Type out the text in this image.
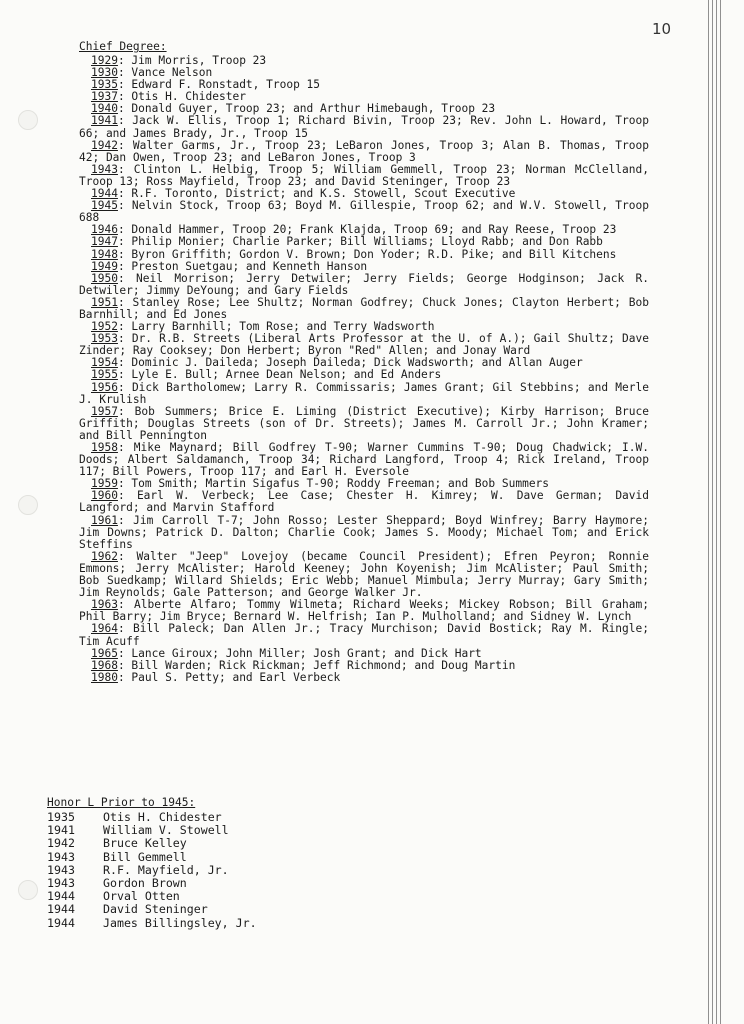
10
Chief Degree:

1929: Jim Morris, Troop 23

1930: Vance Nelson

1935: Edward F. Ronstadt, Troop 15

1937: Otis H. Chidester

1940: Donald Guyer, Troop 23; and Arthur Himebaugh, Troop 23

1941: Jack W. Ellis, Troop 1; Richard Bivin, Troop 23; Rev. John L. Howard, Troop 66; and James Brady, Jr., Troop 15

1942: Walter Garms, Jr., Troop 23; LeBaron Jones, Troop 3; Alan B. Thomas, Troop 42; Dan Owen, Troop 23; and LeBaron Jones, Troop 3

1943: Clinton L. Helbig, Troop 5; William Gemmell, Troop 23; Norman McClelland, Troop 13; Ross Mayfield, Troop 23; and David Steninger, Troop 23

1944: R.F. Toronto, District; and K.S. Stowell, Scout Executive

1945: Nelvin Stock, Troop 63; Boyd M. Gillespie, Troop 62; and W.V. Stowell, Troop 688

1946: Donald Hammer, Troop 20; Frank Klajda, Troop 69; and Ray Reese, Troop 23

1947: Philip Monier; Charlie Parker; Bill Williams; Lloyd Rabb; and Don Rabb

1948: Byron Griffith; Gordon V. Brown; Don Yoder; R.D. Pike; and Bill Kitchens

1949: Preston Suetgau; and Kenneth Hanson

1950: Neil Morrison; Jerry Detwiler; Jerry Fields; George Hodginson; Jack R. Detwiler; Jimmy DeYoung; and Gary Fields

1951: Stanley Rose; Lee Shultz; Norman Godfrey; Chuck Jones; Clayton Herbert; Bob Barnhill; and Ed Jones

1952: Larry Barnhill; Tom Rose; and Terry Wadsworth

1953: Dr. R.B. Streets (Liberal Arts Professor at the U. of A.); Gail Shultz; Dave Zinder; Ray Cooksey; Don Herbert; Byron "Red" Allen; and Jonay Ward

1954: Dominic J. Daileda; Joseph Daileda; Dick Wadsworth; and Allan Auger

1955: Lyle E. Bull; Arnee Dean Nelson; and Ed Anders

1956: Dick Bartholomew; Larry R. Commissaris; James Grant; Gil Stebbins; and Merle J. Krulish

1957: Bob Summers; Brice E. Liming (District Executive); Kirby Harrison; Bruce Griffith; Douglas Streets (son of Dr. Streets); James M. Carroll Jr.; John Kramer; and Bill Pennington

1958: Mike Maynard; Bill Godfrey T-90; Warner Cummins T-90; Doug Chadwick; I.W. Doods; Albert Saldamanch, Troop 34; Richard Langford, Troop 4; Rick Ireland, Troop 117; Bill Powers, Troop 117; and Earl H. Eversole

1959: Tom Smith; Martin Sigafus T-90; Roddy Freeman; and Bob Summers

1960: Earl W. Verbeck; Lee Case; Chester H. Kimrey; W. Dave German; David Langford; and Marvin Stafford

1961: Jim Carroll T-7; John Rosso; Lester Sheppard; Boyd Winfrey; Barry Haymore; Jim Downs; Patrick D. Dalton; Charlie Cook; James S. Moody; Michael Tom; and Erick Steffins

1962: Walter "Jeep" Lovejoy (became Council President); Efren Peyron; Ronnie Emmons; Jerry McAlister; Harold Keeney; John Koyenish; Jim McAlister; Paul Smith; Bob Suedkamp; Willard Shields; Eric Webb; Manuel Mimbula; Jerry Murray; Gary Smith; Jim Reynolds; Gale Patterson; and George Walker Jr.

1963: Alberte Alfaro; Tommy Wilmeta; Richard Weeks; Mickey Robson; Bill Graham; Phil Barry; Jim Bryce; Bernard W. Helfrish; Ian P. Mulholland; and Sidney W. Lynch

1964: Bill Paleck; Dan Allen Jr.; Tracy Murchison; David Bostick; Ray M. Ringle; Tim Acuff

1965: Lance Giroux; John Miller; Josh Grant; and Dick Hart

1968: Bill Warden; Rick Rickman; Jeff Richmond; and Doug Martin

1980: Paul S. Petty; and Earl Verbeck

Honor L Prior to 1945:
1935	Otis H. Chidester
1941	William V. Stowell
1942	Bruce Kelley
1943	Bill Gemmell
1943	R.F. Mayfield, Jr.
1943	Gordon Brown
1944	Orval Otten
1944	David Steninger
1944	James Billingsley, Jr.
